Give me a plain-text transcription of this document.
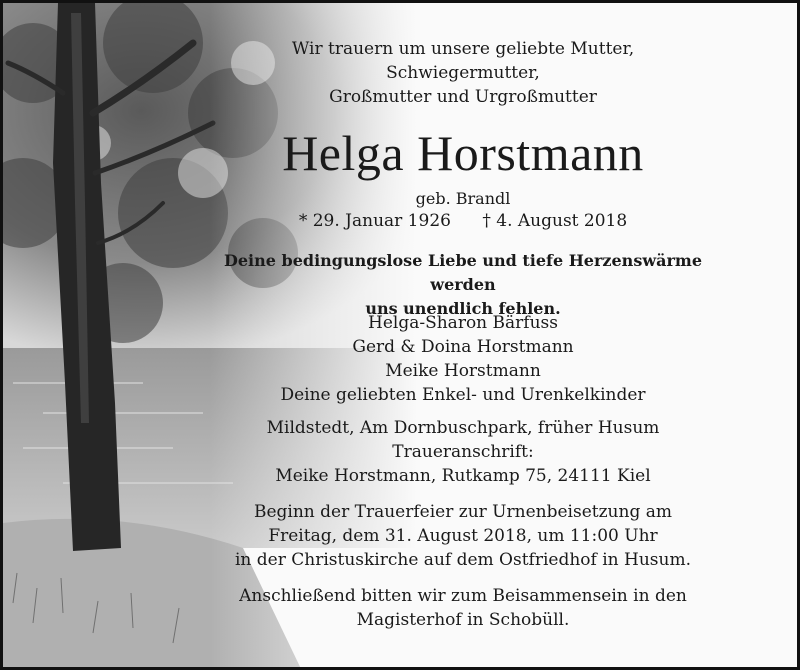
Wir trauern um unsere geliebte Mutter,
Schwiegermutter,
Großmutter und Urgroßmutter
Helga Horstmann
geb. Brandl
* 29. Januar 1926 † 4. August 2018
Deine bedingungslose Liebe und tiefe Herzenswärme werden
uns unendlich fehlen.
Helga-Sharon Bärfuss
Gerd & Doina Horstmann
Meike Horstmann
Deine geliebten Enkel- und Urenkelkinder
Mildstedt, Am Dornbuschpark, früher Husum
Traueranschrift:
Meike Horstmann, Rutkamp 75, 24111 Kiel
Beginn der Trauerfeier zur Urnenbeisetzung am
Freitag, dem 31. August 2018, um 11:00 Uhr
in der Christuskirche auf dem Ostfriedhof in Husum.
Anschließend bitten wir zum Beisammensein in den
Magisterhof in Schobüll.
